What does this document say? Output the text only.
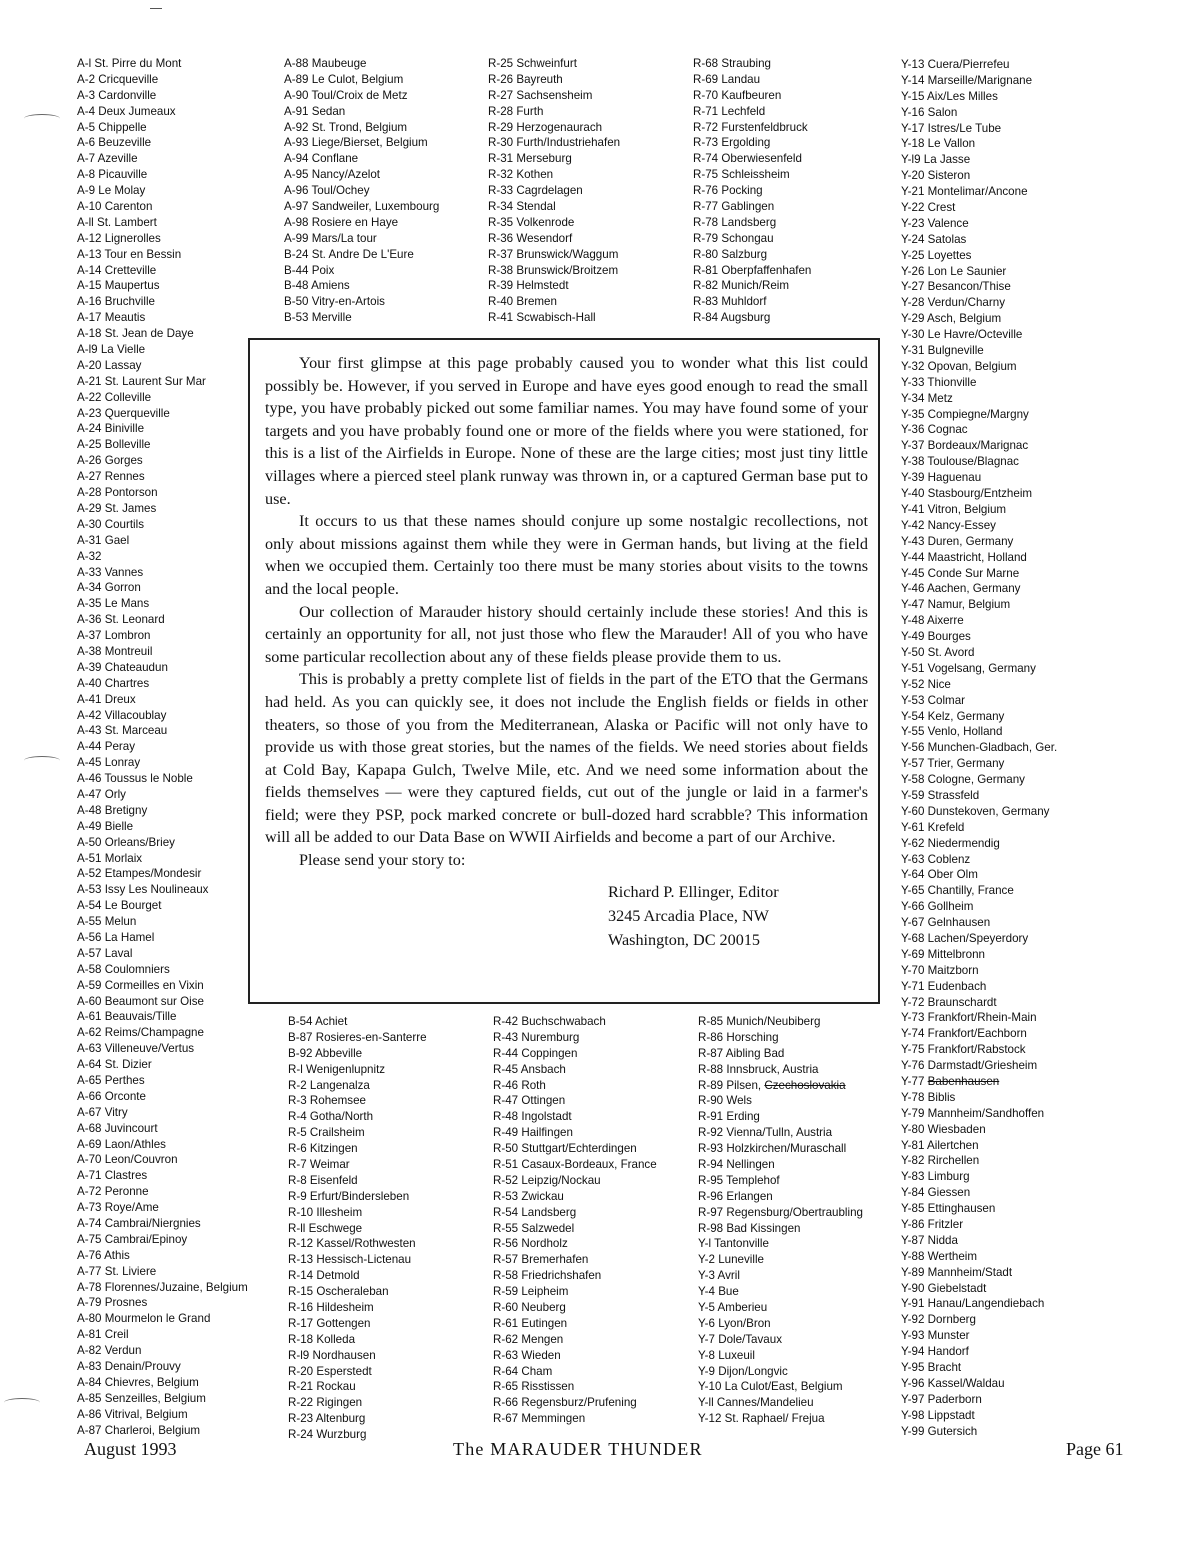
A-l St. Pirre du Mont
A-2 Cricqueville
A-3 Cardonville
A-4 Deux Jumeaux
A-5 Chippelle
A-6 Beuzeville
A-7 Azeville
A-8 Picauville
A-9 Le Molay
A-10 Carenton
A-ll St. Lambert
A-12 Lignerolles
A-13 Tour en Bessin
A-14 Cretteville
A-15 Maupertus
A-16 Bruchville
A-17 Meautis
A-18 St. Jean de Daye
A-l9 La Vielle
A-20 Lassay
A-21 St. Laurent Sur Mar
A-22 Colleville
A-23 Querqueville
A-24 Biniville
A-25 Bolleville
A-26 Gorges
A-27 Rennes
A-28 Pontorson
A-29 St. James
A-30 Courtils
A-31 Gael
A-32
A-33 Vannes
A-34 Gorron
A-35 Le Mans
A-36 St. Leonard
A-37 Lombron
A-38 Montreuil
A-39 Chateaudun
A-40 Chartres
A-41 Dreux
A-42 Villacoublay
A-43 St. Marceau
A-44 Peray
A-45 Lonray
A-46 Toussus le Noble
A-47 Orly
A-48 Bretigny
A-49 Bielle
A-50 Orleans/Briey
A-51 Morlaix
A-52 Etampes/Mondesir
A-53 Issy Les Noulineaux
A-54 Le Bourget
A-55 Melun
A-56 La Hamel
A-57 Laval
A-58 Coulomniers
A-59 Cormeilles en Vixin
A-60 Beaumont sur Oise
A-61 Beauvais/Tille
A-62 Reims/Champagne
A-63 Villeneuve/Vertus
A-64 St. Dizier
A-65 Perthes
A-66 Orconte
A-67 Vitry
A-68 Juvincourt
A-69 Laon/Athles
A-70 Leon/Couvron
A-71 Clastres
A-72 Peronne
A-73 Roye/Ame
A-74 Cambrai/Niergnies
A-75 Cambrai/Epinoy
A-76 Athis
A-77 St. Liviere
A-78 Florennes/Juzaine, Belgium
A-79 Prosnes
A-80 Mourmelon le Grand
A-81 Creil
A-82 Verdun
A-83 Denain/Prouvy
A-84 Chievres, Belgium
A-85 Senzeilles, Belgium
A-86 Vitrival, Belgium
A-87 Charleroi, Belgium
A-88 Maubeuge
A-89 Le Culot, Belgium
A-90 Toul/Croix de Metz
A-91 Sedan
A-92 St. Trond, Belgium
A-93 Liege/Bierset, Belgium
A-94 Conflane
A-95 Nancy/Azelot
A-96 Toul/Ochey
A-97 Sandweiler, Luxembourg
A-98 Rosiere en Haye
A-99 Mars/La tour
B-24 St. Andre De L'Eure
B-44 Poix
B-48 Amiens
B-50 Vitry-en-Artois
B-53 Merville
R-25 Schweinfurt
R-26 Bayreuth
R-27 Sachsensheim
R-28 Furth
R-29 Herzogenaurach
R-30 Furth/Industriehafen
R-31 Merseburg
R-32 Kothen
R-33 Cagrdelagen
R-34 Stendal
R-35 Volkenrode
R-36 Wesendorf
R-37 Brunswick/Waggum
R-38 Brunswick/Broitzem
R-39 Helmstedt
R-40 Bremen
R-41 Scwabisch-Hall
R-68 Straubing
R-69 Landau
R-70 Kaufbeuren
R-71 Lechfeld
R-72 Furstenfeldbruck
R-73 Ergolding
R-74 Oberwiesenfeld
R-75 Schleissheim
R-76 Pocking
R-77 Gablingen
R-78 Landsberg
R-79 Schongau
R-80 Salzburg
R-81 Oberpfaffenhafen
R-82 Munich/Reim
R-83 Muhldorf
R-84 Augsburg
Y-13 Cuera/Pierrefeu
Y-14 Marseille/Marignane
Y-15 Aix/Les Milles
Y-16 Salon
Y-17 Istres/Le Tube
Y-18 Le Vallon
Y-l9 La Jasse
Y-20 Sisteron
Y-21 Montelimar/Ancone
Y-22 Crest
Y-23 Valence
Y-24 Satolas
Y-25 Loyettes
Y-26 Lon Le Saunier
Y-27 Besancon/Thise
Y-28 Verdun/Charny
Y-29 Asch, Belgium
Y-30 Le Havre/Octeville
Y-31 Bulgneville
Y-32 Opovan, Belgium
Y-33 Thionville
Y-34 Metz
Y-35 Compiegne/Margny
Y-36 Cognac
Y-37 Bordeaux/Marignac
Y-38 Toulouse/Blagnac
Y-39 Haguenau
Y-40 Stasbourg/Entzheim
Y-41 Vitron, Belgium
Y-42 Nancy-Essey
Y-43 Duren, Germany
Y-44 Maastricht, Holland
Y-45 Conde Sur Marne
Y-46 Aachen, Germany
Y-47 Namur, Belgium
Y-48 Aixerre
Y-49 Bourges
Y-50 St. Avord
Y-51 Vogelsang, Germany
Y-52 Nice
Y-53 Colmar
Y-54 Kelz, Germany
Y-55 Venlo, Holland
Y-56 Munchen-Gladbach, Ger.
Y-57 Trier, Germany
Y-58 Cologne, Germany
Y-59 Strassfeld
Y-60 Dunstekoven, Germany
Y-61 Krefeld
Y-62 Niedermendig
Y-63 Coblenz
Y-64 Ober Olm
Y-65 Chantilly, France
Y-66 Gollheim
Y-67 Gelnhausen
Y-68 Lachen/Speyerdory
Y-69 Mittelbronn
Y-70 Maitzborn
Y-71 Eudenbach
Y-72 Braunschardt
Y-73 Frankfort/Rhein-Main
Y-74 Frankfort/Eachborn
Y-75 Frankfort/Rabstock
Y-76 Darmstadt/Griesheim
Y-77 Babenhausen
Y-78 Biblis
Y-79 Mannheim/Sandhoffen
Y-80 Wiesbaden
Y-81 Ailertchen
Y-82 Rirchellen
Y-83 Limburg
Y-84 Giessen
Y-85 Ettinghausen
Y-86 Fritzler
Y-87 Nidda
Y-88 Wertheim
Y-89 Mannheim/Stadt
Y-90 Giebelstadt
Y-91 Hanau/Langendiebach
Y-92 Dornberg
Y-93 Munster
Y-94 Handorf
Y-95 Bracht
Y-96 Kassel/Waldau
Y-97 Paderborn
Y-98 Lippstadt
Y-99 Gutersich
B-54 Achiet
B-87 Rosieres-en-Santerre
B-92 Abbeville
R-l Wenigenlupnitz
R-2 Langenalza
R-3 Rohemsee
R-4 Gotha/North
R-5 Crailsheim
R-6 Kitzingen
R-7 Weimar
R-8 Eisenfeld
R-9 Erfurt/Bindersleben
R-10 Illesheim
R-ll Eschwege
R-12 Kassel/Rothwesten
R-13 Hessisch-Lictenau
R-14 Detmold
R-15 Oscheraleban
R-16 Hildesheim
R-17 Gottengen
R-18 Kolleda
R-l9 Nordhausen
R-20 Esperstedt
R-21 Rockau
R-22 Rigingen
R-23 Altenburg
R-24 Wurzburg
R-42 Buchschwabach
R-43 Nuremburg
R-44 Coppingen
R-45 Ansbach
R-46 Roth
R-47 Ottingen
R-48 Ingolstadt
R-49 Hailfingen
R-50 Stuttgart/Echterdingen
R-51 Casaux-Bordeaux, France
R-52 Leipzig/Nockau
R-53 Zwickau
R-54 Landsberg
R-55 Salzwedel
R-56 Nordholz
R-57 Bremerhafen
R-58 Friedrichshafen
R-59 Leipheim
R-60 Neuberg
R-61 Eutingen
R-62 Mengen
R-63 Wieden
R-64 Cham
R-65 Risstissen
R-66 Regensburz/Prufening
R-67 Memmingen
R-85 Munich/Neubiberg
R-86 Horsching
R-87 Aibling Bad
R-88 Innsbruck, Austria
R-89 Pilsen, Czechoslovakia
R-90 Wels
R-91 Erding
R-92 Vienna/Tulln, Austria
R-93 Holzkirchen/Muraschall
R-94 Nellingen
R-95 Templehof
R-96 Erlangen
R-97 Regensburg/Obertraubling
R-98 Bad Kissingen
Y-l Tantonville
Y-2 Luneville
Y-3 Avril
Y-4 Bue
Y-5 Amberieu
Y-6 Lyon/Bron
Y-7 Dole/Tavaux
Y-8 Luxeuil
Y-9 Dijon/Longvic
Y-10 La Culot/East, Belgium
Y-ll Cannes/Mandelieu
Y-12 St. Raphael/ Frejua

Your first glimpse at this page probably caused you to wonder what this list could possibly be. However, if you served in Europe and have eyes good enough to read the small type, you have probably picked out some familiar names. You may have found some of your targets and you have probably found one or more of the fields where you were stationed, for this is a list of the Airfields in Europe. None of these are the large cities; most just tiny little villages where a pierced steel plank runway was thrown in, or a captured German base put to use.

It occurs to us that these names should conjure up some nostalgic recollections, not only about missions against them while they were in German hands, but living at the field when we occupied them. Certainly too there must be many stories about visits to the towns and the local people.

Our collection of Marauder history should certainly include these stories! And this is certainly an opportunity for all, not just those who flew the Marauder! All of you who have some particular recollection about any of these fields please provide them to us.

This is probably a pretty complete list of fields in the part of the ETO that the Germans had held. As you can quickly see, it does not include the English fields or fields in other theaters, so those of you from the Mediterranean, Alaska or Pacific will not only have to provide us with those great stories, but the names of the fields. We need stories about fields at Cold Bay, Kapapa Gulch, Twelve Mile, etc. And we need some information about the fields themselves — were they captured fields, cut out of the jungle or laid in a farmer's field; were they PSP, pock marked concrete or bull-dozed hard scrabble? This information will all be added to our Data Base on WWII Airfields and become a part of our Archive.

Please send your story to:

Richard P. Ellinger, Editor
3245 Arcadia Place, NW
Washington, DC 20015
August 1993	The MARAUDER THUNDER	Page 61
